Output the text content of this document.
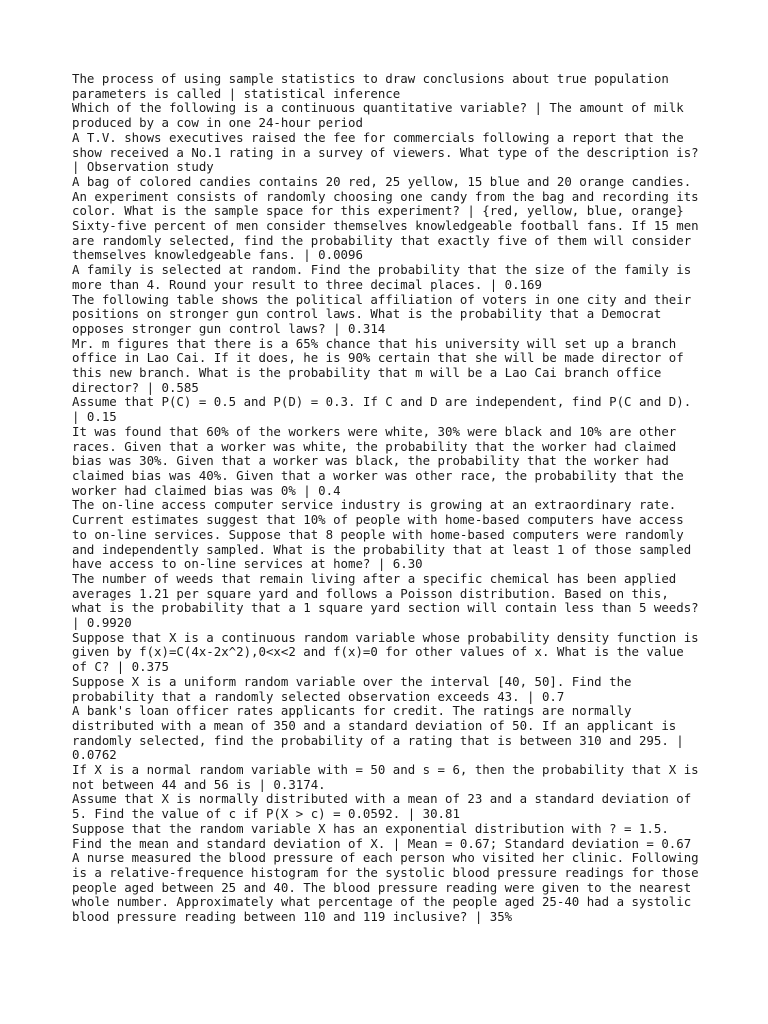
The process of using sample statistics to draw conclusions about true population parameters is called | statistical inference

Which of the following is a continuous quantitative variable? | The amount of milk produced by a cow in one 24-hour period

A T.V. shows executives raised the fee for commercials following a report that the show received a No.1 rating in a survey of viewers. What type of the description is? | Observation study

A bag of colored candies contains 20 red, 25 yellow, 15 blue and 20 orange candies. An experiment consists of randomly choosing one candy from the bag and recording its color. What is the sample space for this experiment? | {red, yellow, blue, orange}

Sixty-five percent of men consider themselves knowledgeable football fans. If 15 men are randomly selected, find the probability that exactly five of them will consider themselves knowledgeable fans. | 0.0096

A family is selected at random. Find the probability that the size of the family is more than 4. Round your result to three decimal places. | 0.169

The following table shows the political affiliation of voters in one city and their positions on stronger gun control laws. What is the probability that a Democrat opposes stronger gun control laws? | 0.314

Mr. m figures that there is a 65% chance that his university will set up a branch office in Lao Cai. If it does, he is 90% certain that she will be made director of this new branch. What is the probability that m will be a Lao Cai branch office director? | 0.585

Assume that P(C) = 0.5 and P(D) = 0.3. If C and D are independent, find P(C and D). | 0.15

It was found that 60% of the workers were white, 30% were black and 10% are other races. Given that a worker was white, the probability that the worker had claimed bias was 30%. Given that a worker was black, the probability that the worker had claimed bias was 40%. Given that a worker was other race, the probability that the worker had claimed bias was 0% | 0.4

The on-line access computer service industry is growing at an extraordinary rate. Current estimates suggest that 10% of people with home-based computers have access to on-line services. Suppose that 8 people with home-based computers were randomly and independently sampled. What is the probability that at least 1 of those sampled have access to on-line services at home? | 6.30

The number of weeds that remain living after a specific chemical has been applied averages 1.21 per square yard and follows a Poisson distribution. Based on this, what is the probability that a 1 square yard section will contain less than 5 weeds? | 0.9920

Suppose that X is a continuous random variable whose probability density function is given by f(x)=C(4x-2x^2),0<x<2 and f(x)=0 for other values of x. What is the value of C? | 0.375

Suppose X is a uniform random variable over the interval [40, 50]. Find the probability that a randomly selected observation exceeds 43. | 0.7

A bank's loan officer rates applicants for credit. The ratings are normally distributed with a mean of 350 and a standard deviation of 50. If an applicant is randomly selected, find the probability of a rating that is between 310 and 295. | 0.0762

If X is a normal random variable with = 50 and s = 6, then the probability that X is not between 44 and 56 is | 0.3174.

Assume that X is normally distributed with a mean of 23 and a standard deviation of 5. Find the value of c if P(X > c) = 0.0592. | 30.81

Suppose that the random variable X has an exponential distribution with ? = 1.5. Find the mean and standard deviation of X. | Mean = 0.67; Standard deviation = 0.67

A nurse measured the blood pressure of each person who visited her clinic. Following is a relative-frequence histogram for the systolic blood pressure readings for those people aged between 25 and 40. The blood pressure reading were given to the nearest whole number. Approximately what percentage of the people aged 25-40 had a systolic blood pressure reading between 110 and 119 inclusive? | 35%
